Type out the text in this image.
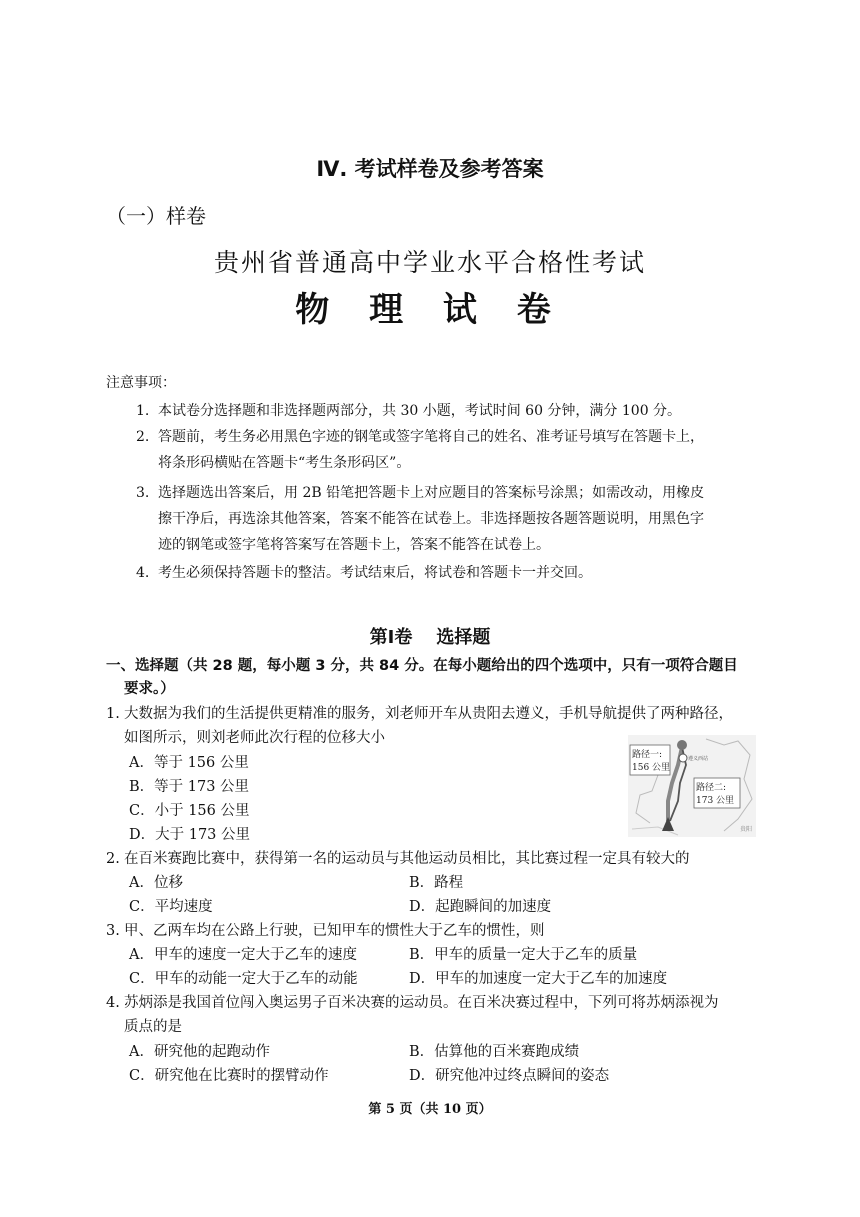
Ⅳ. 考试样卷及参考答案
（一）样卷
贵州省普通高中学业水平合格性考试
物 理 试 卷
注意事项：
1. 本试卷分选择题和非选择题两部分，共 30 小题，考试时间 60 分钟，满分 100 分。
2. 答题前，考生务必用黑色字迹的钢笔或签字笔将自己的姓名、准考证号填写在答题卡上，
将条形码横贴在答题卡“考生条形码区”。
3. 选择题选出答案后，用 2B 铅笔把答题卡上对应题目的答案标号涂黑；如需改动，用橡皮
擦干净后，再选涂其他答案，答案不能答在试卷上。非选择题按各题答题说明，用黑色字
迹的钢笔或签字笔将答案写在答题卡上，答案不能答在试卷上。
4. 考生必须保持答题卡的整洁。考试结束后，将试卷和答题卡一并交回。
第Ⅰ卷 选择题
一、选择题（共 28 题，每小题 3 分，共 84 分。在每小题给出的四个选项中，只有一项符合题目
要求。）
1. 大数据为我们的生活提供更精准的服务，刘老师开车从贵阳去遵义，手机导航提供了两种路径，
如图所示，则刘老师此次行程的位移大小
A．等于 156 公里
B．等于 173 公里
C．小于 156 公里
D．大于 173 公里
路径一:
156 公里
路径二:
173 公里
遵义西站
贵阳
2. 在百米赛跑比赛中，获得第一名的运动员与其他运动员相比，其比赛过程一定具有较大的
A．位移	B．路程
C．平均速度	D．起跑瞬间的加速度
3. 甲、乙两车均在公路上行驶，已知甲车的惯性大于乙车的惯性，则
A．甲车的速度一定大于乙车的速度	B．甲车的质量一定大于乙车的质量
C．甲车的动能一定大于乙车的动能	D．甲车的加速度一定大于乙车的加速度
4. 苏炳添是我国首位闯入奥运男子百米决赛的运动员。在百米决赛过程中，下列可将苏炳添视为
质点的是
A．研究他的起跑动作	B．估算他的百米赛跑成绩
C．研究他在比赛时的摆臂动作	D．研究他冲过终点瞬间的姿态
第 5 页（共 10 页）
